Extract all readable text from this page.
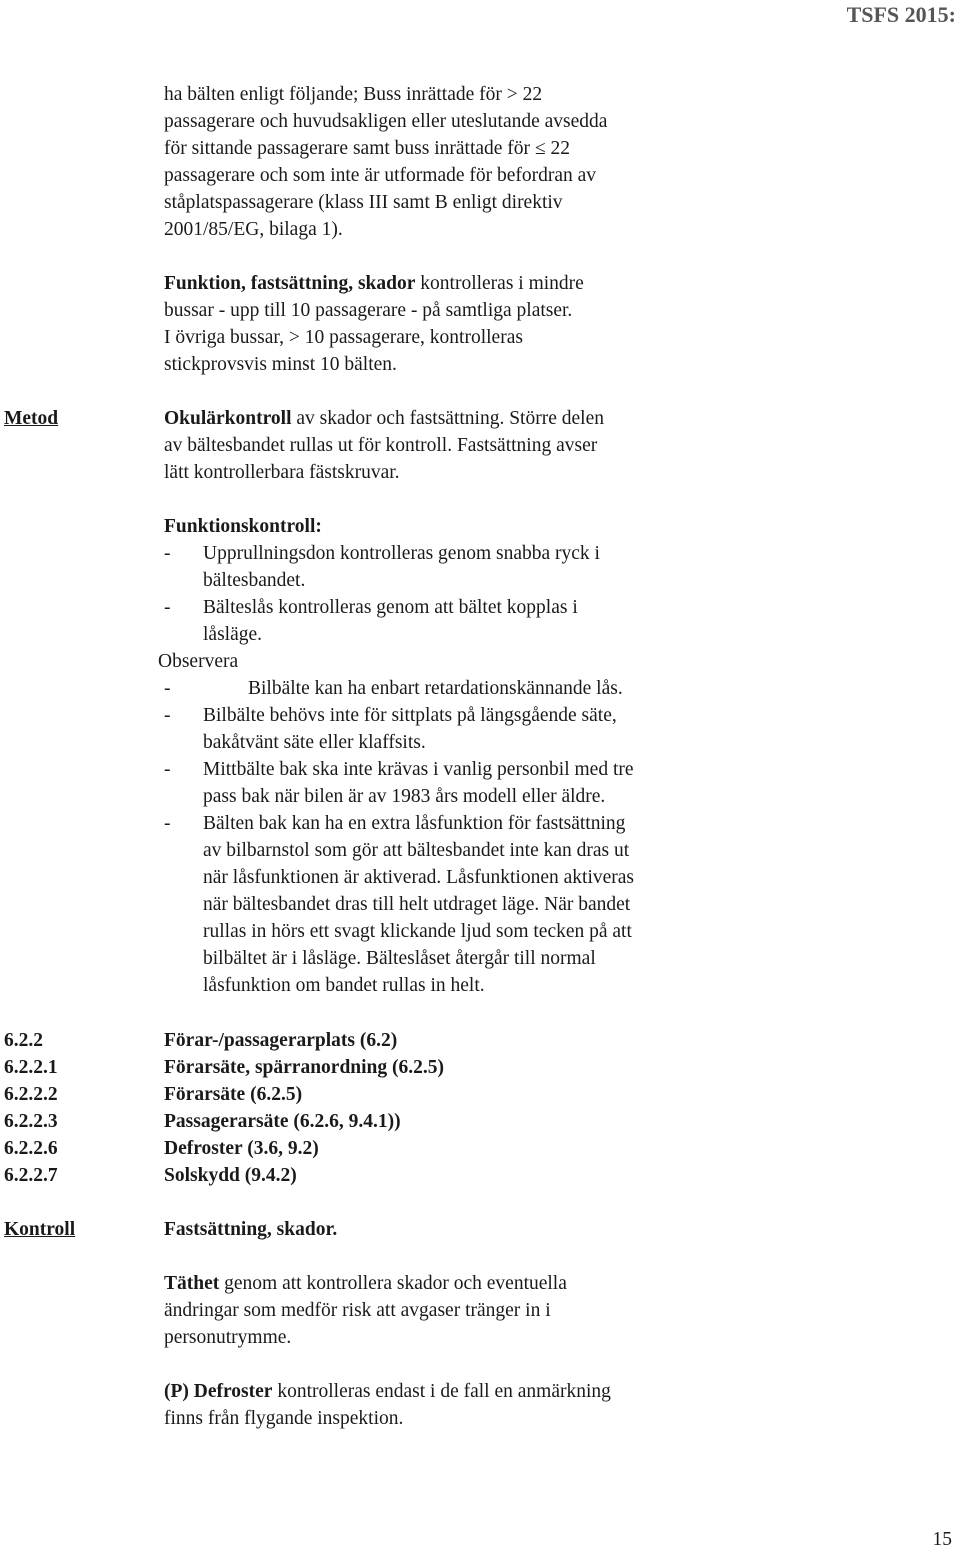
TSFS 2015:

ha bälten enligt följande; Buss inrättade för > 22

passagerare och huvudsakligen eller uteslutande avsedda

för sittande passagerare samt buss inrättade för ≤ 22

passagerare och som inte är utformade för befordran av

ståplatspassagerare (klass III samt B enligt direktiv

2001/85/EG, bilaga 1).

Funktion, fastsättning, skador kontrolleras i mindre

bussar - upp till 10 passagerare - på samtliga platser.

I övriga bussar, > 10 passagerare, kontrolleras

stickprovsvis minst 10 bälten.

Metod	Okulärkontroll av skador och fastsättning. Större delen

av bältesbandet rullas ut för kontroll. Fastsättning avser

lätt kontrollerbara fästskruvar.

Funktionskontroll:

- Upprullningsdon kontrolleras genom snabba ryck i

bältesbandet.

- Bälteslås kontrolleras genom att bältet kopplas i

låsläge.

Observera

-	Bilbälte kan ha enbart retardationskännande lås.

- Bilbälte behövs inte för sittplats på längsgående säte,

bakåtvänt säte eller klaffsits.

- Mittbälte bak ska inte krävas i vanlig personbil med tre

pass bak när bilen är av 1983 års modell eller äldre.

- Bälten bak kan ha en extra låsfunktion för fastsättning

av bilbarnstol som gör att bältesbandet inte kan dras ut

när låsfunktionen är aktiverad. Låsfunktionen aktiveras

när bältesbandet dras till helt utdraget läge. När bandet

rullas in hörs ett svagt klickande ljud som tecken på att

bilbältet är i låsläge. Bälteslåset återgår till normal

låsfunktion om bandet rullas in helt.

6.2.2	Förar-/passagerarplats (6.2)
6.2.2.1	Förarsäte, spärranordning (6.2.5)
6.2.2.2	Förarsäte (6.2.5)
6.2.2.3	Passagerarsäte (6.2.6, 9.4.1))
6.2.2.6	Defroster (3.6, 9.2)
6.2.2.7	Solskydd (9.4.2)
Kontroll	Fastsättning, skador.

Täthet genom att kontrollera skador och eventuella

ändringar som medför risk att avgaser tränger in i

personutrymme.

(P) Defroster kontrolleras endast i de fall en anmärkning

finns från flygande inspektion.

15
